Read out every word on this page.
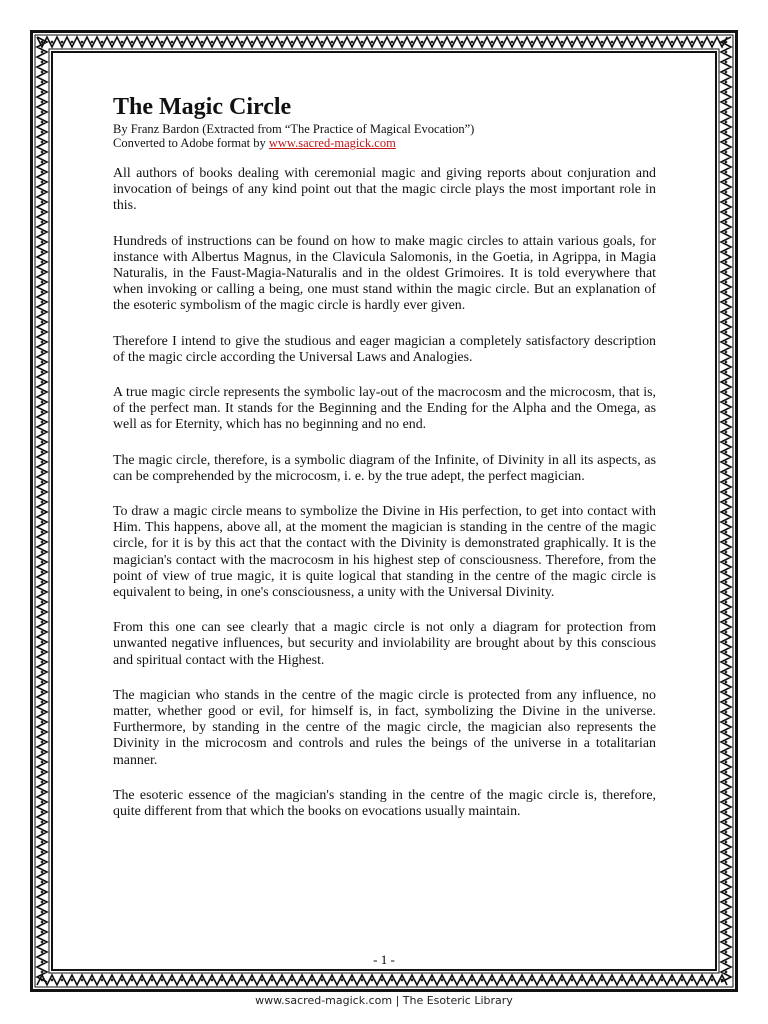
The Magic Circle

By Franz Bardon (Extracted from “The Practice of Magical Evocation”)

Converted to Adobe format by www.sacred-magick.com

All authors of books dealing with ceremonial magic and giving reports about conjuration and invocation of beings of any kind point out that the magic circle plays the most important role in this.

Hundreds of instructions can be found on how to make magic circles to attain various goals, for instance with Albertus Magnus, in the Clavicula Salomonis, in the Goetia, in Agrippa, in Magia Naturalis, in the Faust-Magia-Naturalis and in the oldest Grimoires. It is told everywhere that when invoking or calling a being, one must stand within the magic circle. But an explanation of the esoteric symbolism of the magic circle is hardly ever given.

Therefore I intend to give the studious and eager magician a completely satisfactory description of the magic circle according the Universal Laws and Analogies.

A true magic circle represents the symbolic lay-out of the macrocosm and the microcosm, that is, of the perfect man. It stands for the Beginning and the Ending for the Alpha and the Omega, as well as for Eternity, which has no beginning and no end.

The magic circle, therefore, is a symbolic diagram of the Infinite, of Divinity in all its aspects, as can be comprehended by the microcosm, i. e. by the true adept, the perfect magician.

To draw a magic circle means to symbolize the Divine in His perfection, to get into contact with Him. This happens, above all, at the moment the magician is standing in the centre of the magic circle, for it is by this act that the contact with the Divinity is demonstrated graphically. It is the magician's contact with the macrocosm in his highest step of consciousness. Therefore, from the point of view of true magic, it is quite logical that standing in the centre of the magic circle is equivalent to being, in one's consciousness, a unity with the Universal Divinity.

From this one can see clearly that a magic circle is not only a diagram for protection from unwanted negative influences, but security and inviolability are brought about by this conscious and spiritual contact with the Highest.

The magician who stands in the centre of the magic circle is protected from any influence, no matter, whether good or evil, for himself is, in fact, symbolizing the Divine in the universe. Furthermore, by standing in the centre of the magic circle, the magician also represents the Divinity in the microcosm and controls and rules the beings of the universe in a totalitarian manner.

The esoteric essence of the magician's standing in the centre of the magic circle is, therefore, quite different from that which the books on evocations usually maintain.

- 1 -
www.sacred-magick.com | The Esoteric Library
